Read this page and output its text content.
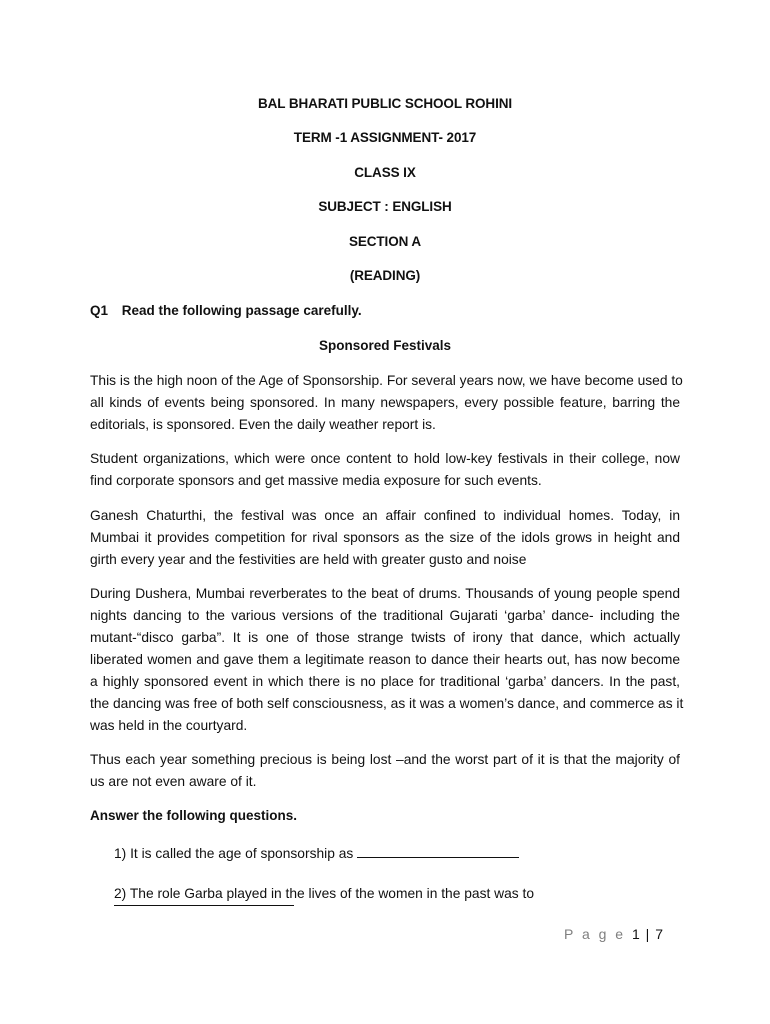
BAL BHARATI PUBLIC SCHOOL ROHINI
TERM -1 ASSIGNMENT- 2017
CLASS IX
SUBJECT : ENGLISH
SECTION A
(READING)
Q1 Read the following passage carefully.
Sponsored Festivals
This is the high noon of the Age of Sponsorship. For several years now, we have become used to
all kinds of events being sponsored. In many newspapers, every possible feature, barring the
editorials, is sponsored. Even the daily weather report is.
Student organizations, which were once content to hold low-key festivals in their college, now
find corporate sponsors and get massive media exposure for such events.
Ganesh Chaturthi, the festival was once an affair confined to individual homes. Today, in
Mumbai it provides competition for rival sponsors as the size of the idols grows in height and
girth every year and the festivities are held with greater gusto and noise
During Dushera, Mumbai reverberates to the beat of drums. Thousands of young people spend
nights dancing to the various versions of the traditional Gujarati ‘garba’ dance- including the
mutant-“disco garba”. It is one of those strange twists of irony that dance, which actually
liberated women and gave them a legitimate reason to dance their hearts out, has now become
a highly sponsored event in which there is no place for traditional ‘garba’ dancers. In the past,
the dancing was free of both self consciousness, as it was a women’s dance, and commerce as it
was held in the courtyard.
Thus each year something precious is being lost –and the worst part of it is that the majority of
us are not even aware of it.
Answer the following questions.
1) It is called the age of sponsorship as
2) The role Garba played in the lives of the women in the past was to
P a g e 1 | 7
